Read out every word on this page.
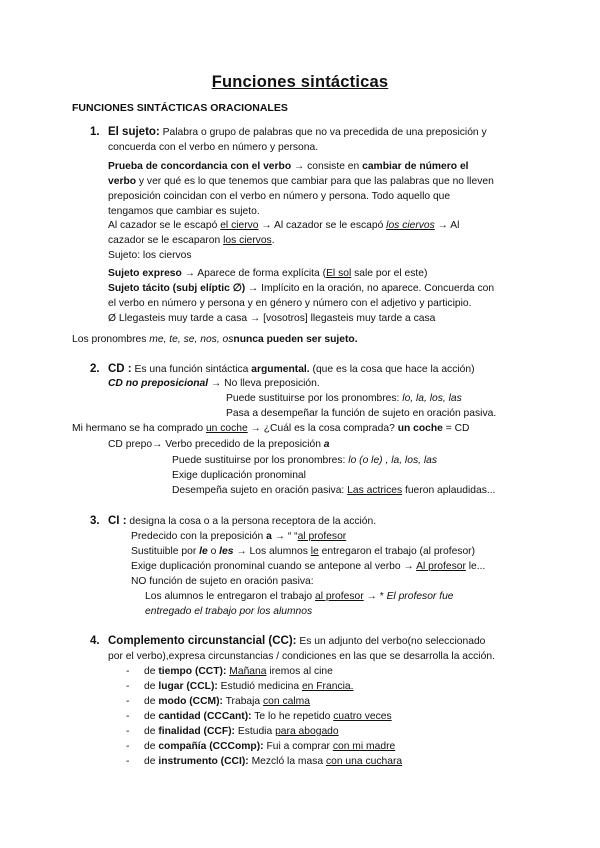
Funciones sintácticas
FUNCIONES SINTÁCTICAS ORACIONALES
1. El sujeto: Palabra o grupo de palabras que no va precedida de una preposición y
concuerda con el verbo en número y persona.
Prueba de concordancia con el verbo → consiste en cambiar de número el
verbo y ver qué es lo que tenemos que cambiar para que las palabras que no lleven
preposición coincidan con el verbo en número y persona. Todo aquello que
tengamos que cambiar es sujeto.
Al cazador se le escapó el ciervo → Al cazador se le escapó los ciervos → Al
cazador se le escaparon los ciervos.
Sujeto: los ciervos
Sujeto expreso → Aparece de forma explícita (El sol sale por el este)
Sujeto tácito (subj elíptic ∅) → Implícito en la oración, no aparece. Concuerda con
el verbo en número y persona y en género y número con el adjetivo y participio.
Ø Llegasteis muy tarde a casa → [vosotros] llegasteis muy tarde a casa
Los pronombres me, te, se, nos, osnunca pueden ser sujeto.
2. CD : Es una función sintáctica argumental. (que es la cosa que hace la acción)
CD no preposicional → No lleva preposición.
Puede sustituirse por los pronombres: lo, la, los, las
Pasa a desempeñar la función de sujeto en oración pasiva.
Mi hermano se ha comprado un coche → ¿Cuál es la cosa comprada? un coche = CD
CD prepo→ Verbo precedido de la preposición a
Puede sustituirse por los pronombres: lo (o le) , la, los, las
Exige duplicación pronominal
Desempeña sujeto en oración pasiva: Las actrices fueron aplaudidas...
3. CI : designa la cosa o a la persona receptora de la acción.
Predecido con la preposición a → “ “al profesor
Sustituible por le o les → Los alumnos le entregaron el trabajo (al profesor)
Exige duplicación pronominal cuando se antepone al verbo → Al profesor le...
NO función de sujeto en oración pasiva:
Los alumnos le entregaron el trabajo al profesor → * El profesor fue
entregado el trabajo por los alumnos
4. Complemento circunstancial (CC): Es un adjunto del verbo(no seleccionado
por el verbo),expresa circunstancias / condiciones en las que se desarrolla la acción.
- de tiempo (CCT): Mañana iremos al cine
- de lugar (CCL): Estudió medicina en Francia.
- de modo (CCM): Trabaja con calma
- de cantidad (CCCant): Te lo he repetido cuatro veces
- de finalidad (CCF): Estudia para abogado
- de compañía (CCComp): Fui a comprar con mi madre
- de instrumento (CCI): Mezcló la masa con una cuchara
